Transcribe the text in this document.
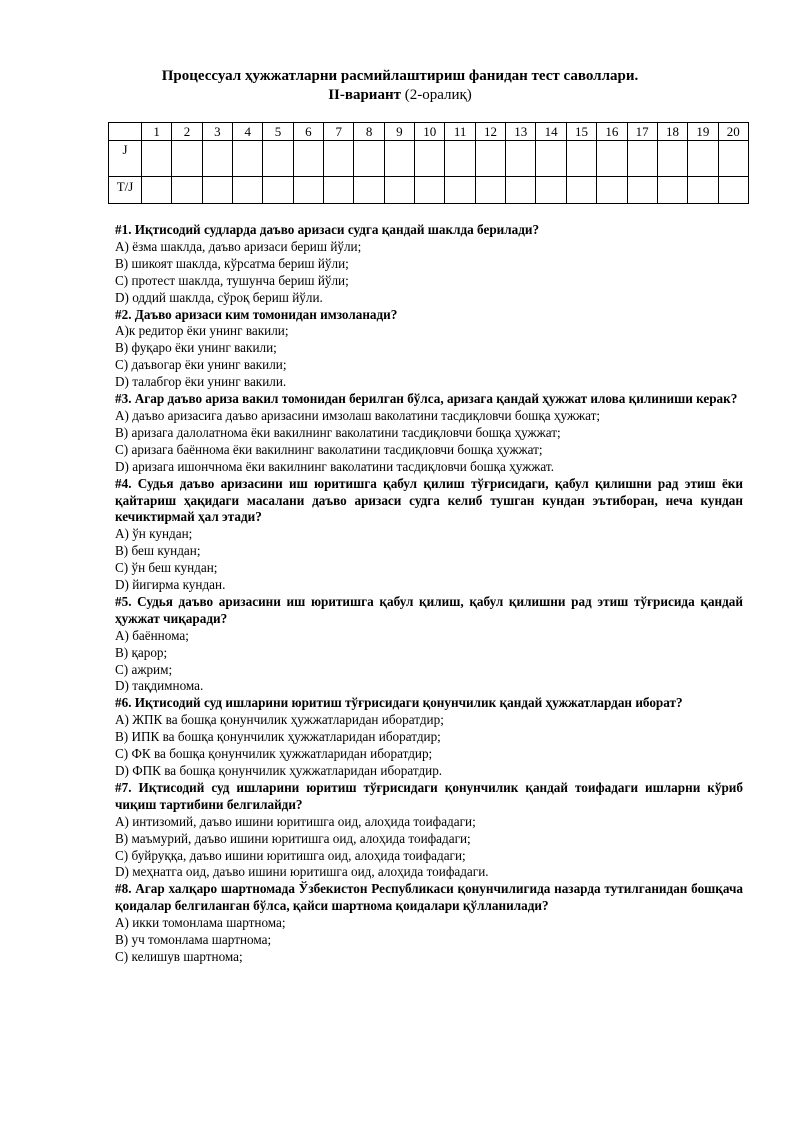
Процессуал ҳужжатларни расмийлаштириш фанидан тест саволлари.
II-вариант (2-оралиқ)
	1	2	3	4	5	6	7	8	9	10	11	12	13	14	15	16	17	18	19	20
J																				
T/J																				

#1. Иқтисодий судларда даъво аризаси судга қандай шаклда берилади?

A) ёзма шаклда, даъво аризаси бериш йўли;

B) шикоят шаклда, кўрсатма бериш йўли;

C) протест шаклда, тушунча бериш йўли;

D) оддий шаклда, сўроқ бериш йўли.

#2. Даъво аризаси ким томонидан имзоланади?

A)к редитор ёки унинг вакили;

B) фуқаро ёки унинг вакили;

C) даъвогар ёки унинг вакили;

D) талабгор ёки унинг вакили.

#3. Агар даъво ариза вакил томонидан берилган бўлса, аризага қандай ҳужжат илова қилиниши керак?

A) даъво аризасига даъво аризасини имзолаш ваколатини тасдиқловчи бошқа ҳужжат;

B) аризага далолатнома ёки вакилнинг ваколатини тасдиқловчи бошқа ҳужжат;

C) аризага баённома ёки вакилнинг ваколатини тасдиқловчи бошқа ҳужжат;

D) аризага ишончнома ёки вакилнинг ваколатини тасдиқловчи бошқа ҳужжат.

#4. Судья даъво аризасини иш юритишга қабул қилиш тўғрисидаги, қабул қилишни рад этиш ёки қайтариш ҳақидаги масалани даъво аризаси судга келиб тушган кундан эътиборан, неча кундан кечиктирмай ҳал этади?

A) ўн кундан;

B) беш кундан;

C) ўн беш кундан;

D) йигирма кундан.

#5. Судья даъво аризасини иш юритишга қабул қилиш, қабул қилишни рад этиш тўғрисида қандай ҳужжат чиқаради?

A) баённома;

B) қарор;

C) ажрим;

D) тақдимнома.

#6. Иқтисодий суд ишларини юритиш тўғрисидаги қонунчилик қандай ҳужжатлардан иборат?

A) ЖПК ва бошқа қонунчилик ҳужжатларидан иборатдир;

B) ИПК ва бошқа қонунчилик ҳужжатларидан иборатдир;

C) ФК ва бошқа қонунчилик ҳужжатларидан иборатдир;

D) ФПК ва бошқа қонунчилик ҳужжатларидан иборатдир.

#7. Иқтисодий суд ишларини юритиш тўғрисидаги қонунчилик қандай тоифадаги ишларни кўриб чиқиш тартибини белгилайди?

A) интизомий, даъво ишини юритишга оид, алоҳида тоифадаги;

B) маъмурий, даъво ишини юритишга оид, алоҳида тоифадаги;

C) буйруққа, даъво ишини юритишга оид, алоҳида тоифадаги;

D) меҳнатга оид, даъво ишини юритишга оид, алоҳида тоифадаги.

#8. Агар халқаро шартномада Ўзбекистон Республикаси қонунчилигида назарда тутилганидан бошқача қоидалар белгиланган бўлса, қайси шартнома қоидалари қўлланилади?

A) икки томонлама шартнома;

B) уч томонлама шартнома;

C) келишув шартнома;
